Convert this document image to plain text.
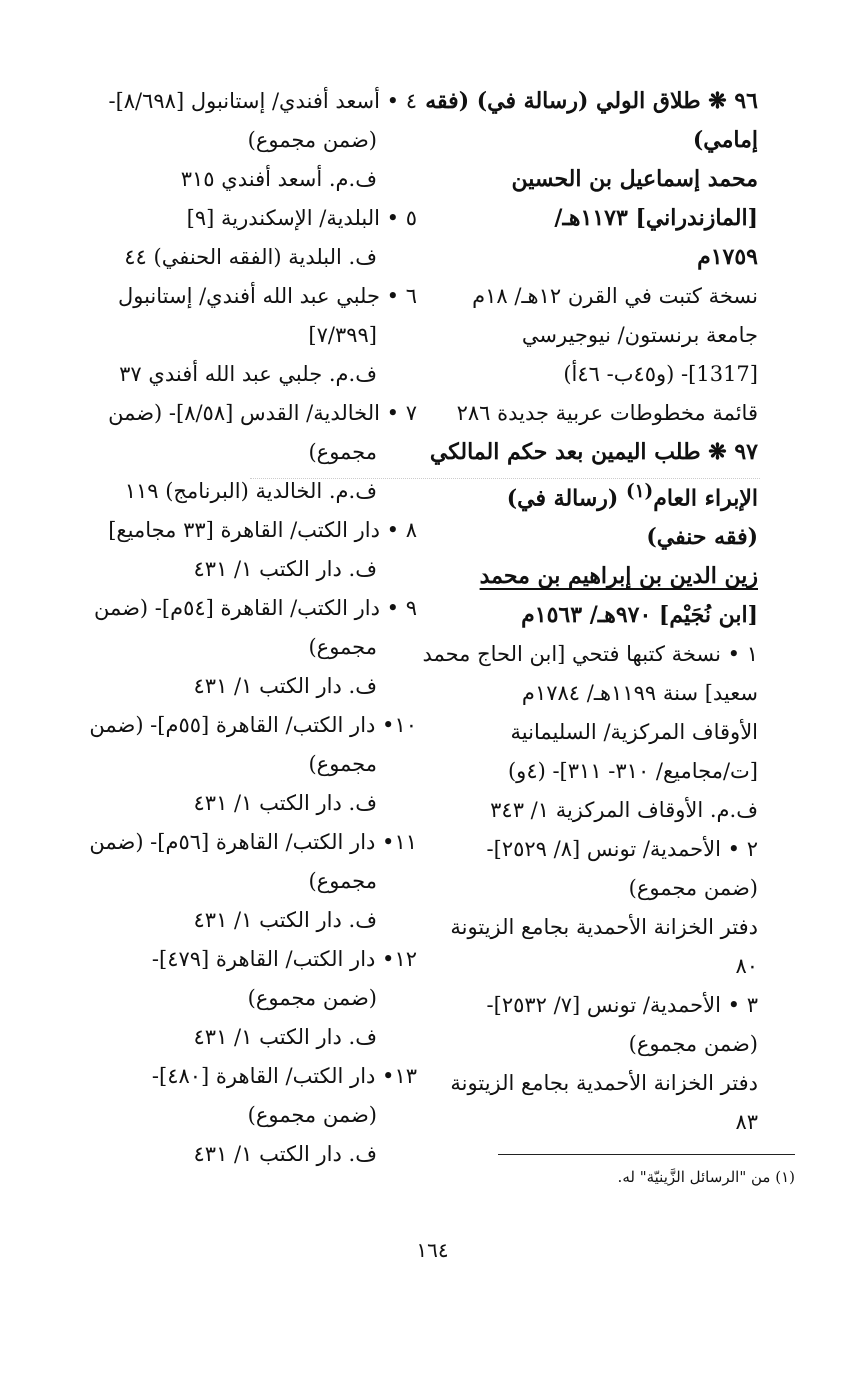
٩٦ ❋ طلاق الولي (رسالة في) (فقه
إمامي)
محمد إسماعيل بن الحسين
[المازندراني] ١١٧٣هـ/
١٧٥٩م
نسخة كتبت في القرن ١٢هـ/ ١٨م
جامعة برنستون/ نيوجيرسي
[1317]- (و٤٥ب- ٤٦أ)
قائمة مخطوطات عربية جديدة ٢٨٦
٩٧ ❋ طلب اليمين بعد حكم المالكي
الإبراء العام$^{(١)}$ (رسالة في)
(فقه حنفي)
زين الدين بن إبراهيم بن محمد
[ابن نُجَيْم] ٩٧٠هـ/ ١٥٦٣م
١ • نسخة كتبها فتحي [ابن الحاج محمد
سعيد] سنة ١١٩٩هـ/ ١٧٨٤م
الأوقاف المركزية/ السليمانية
[ت/مجاميع/ ٣١٠- ٣١١]- (٤و)
ف.م. الأوقاف المركزية ١/ ٣٤٣
٢ • الأحمدية/ تونس [٨/ ٢٥٢٩]-
(ضمن مجموع)
دفتر الخزانة الأحمدية بجامع الزيتونة
٨٠
٣ • الأحمدية/ تونس [٧/ ٢٥٣٢]-
(ضمن مجموع)
دفتر الخزانة الأحمدية بجامع الزيتونة
٨٣
٤ • أسعد أفندي/ إستانبول [٨/٦٩٨]-
(ضمن مجموع)
ف.م. أسعد أفندي ٣١٥
٥ • البلدية/ الإسكندرية [٩]
ف. البلدية (الفقه الحنفي) ٤٤
٦ • جلبي عبد الله أفندي/ إستانبول
[٧/٣٩٩]
ف.م. جلبي عبد الله أفندي ٣٧
٧ • الخالدية/ القدس [٨/٥٨]- (ضمن
مجموع)
ف.م. الخالدية (البرنامج) ١١٩
٨ • دار الكتب/ القاهرة [٣٣ مجاميع]
ف. دار الكتب ١/ ٤٣١
٩ • دار الكتب/ القاهرة [٥٤م]- (ضمن
مجموع)
ف. دار الكتب ١/ ٤٣١
١٠• دار الكتب/ القاهرة [٥٥م]- (ضمن
مجموع)
ف. دار الكتب ١/ ٤٣١
١١• دار الكتب/ القاهرة [٥٦م]- (ضمن
مجموع)
ف. دار الكتب ١/ ٤٣١
١٢• دار الكتب/ القاهرة [٤٧٩]-
(ضمن مجموع)
ف. دار الكتب ١/ ٤٣١
١٣• دار الكتب/ القاهرة [٤٨٠]-
(ضمن مجموع)
ف. دار الكتب ١/ ٤٣١
(١) من "الرسائل الزَّينيّة" له.
١٦٤
